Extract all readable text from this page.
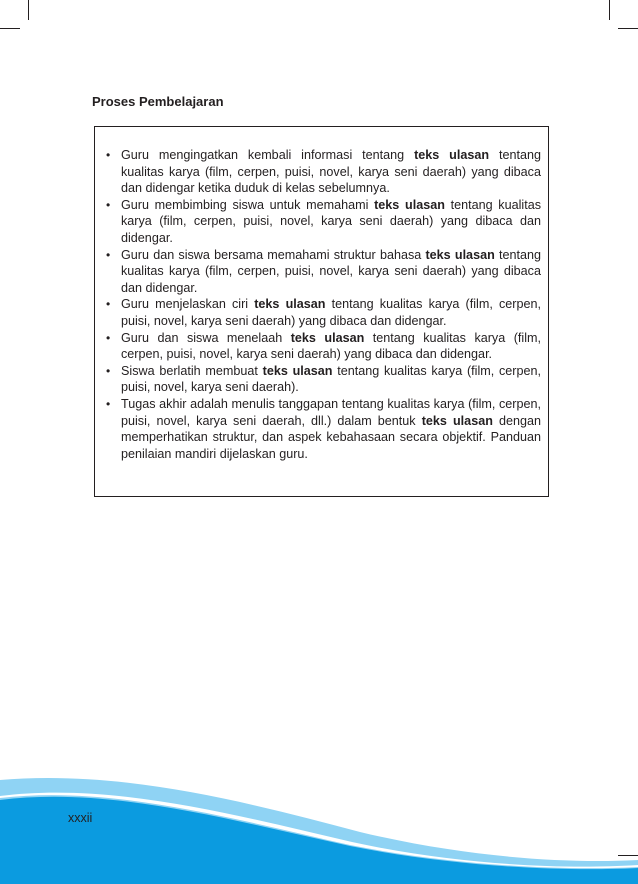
Proses Pembelajaran
• Guru mengingatkan kembali informasi tentang teks ulasan tentang kualitas karya (film, cerpen, puisi, novel, karya seni daerah) yang dibaca dan didengar ketika duduk di kelas sebelumnya.
• Guru membimbing siswa untuk memahami teks ulasan tentang kualitas karya (film, cerpen, puisi, novel, karya seni daerah) yang dibaca dan didengar.
• Guru dan siswa bersama memahami struktur bahasa teks ulasan tentang kualitas karya (film, cerpen, puisi, novel, karya seni daerah) yang dibaca dan didengar.
• Guru menjelaskan ciri teks ulasan tentang kualitas karya (film, cerpen, puisi, novel, karya seni daerah) yang dibaca dan didengar.
• Guru dan siswa menelaah teks ulasan tentang kualitas karya (film, cerpen, puisi, novel, karya seni daerah) yang dibaca dan didengar.
• Siswa berlatih membuat teks ulasan tentang kualitas karya (film, cerpen, puisi, novel, karya seni daerah).
• Tugas akhir adalah menulis tanggapan tentang kualitas karya (film, cerpen, puisi, novel, karya seni daerah, dll.) dalam bentuk teks ulasan dengan memperhatikan struktur, dan aspek kebahasaan secara objektif. Panduan penilaian mandiri dijelaskan guru.
xxxii
